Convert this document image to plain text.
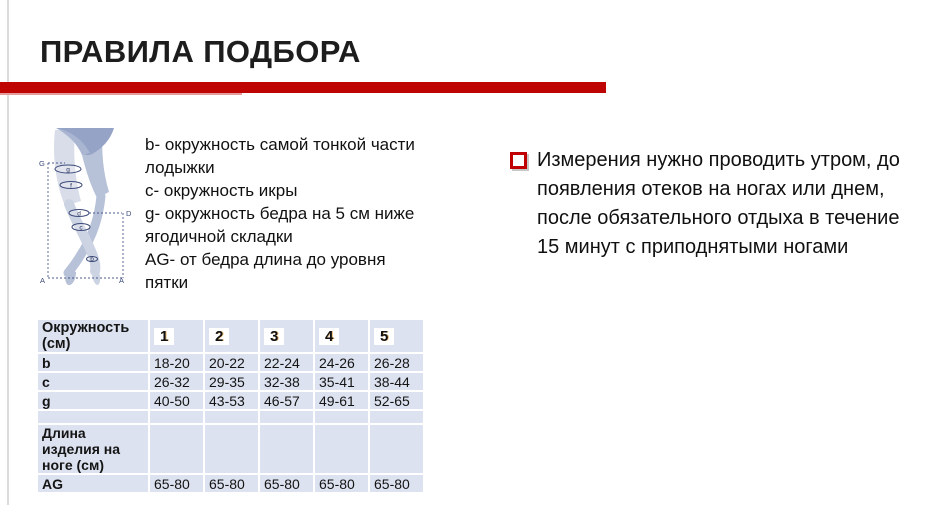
ПРАВИЛА ПОДБОРА
G
D
A	A
g
f
d
c
b
b- окружность самой тонкой части лодыжки
c- окружность икры
g- окружность бедра на 5 см ниже ягодичной складки
AG- от бедра длина до уровня пятки

Измерения нужно проводить утром, до появления отеков на ногах или днем, после обязательного отдыха в течение 15 минут с приподнятыми ногами

Окружность (см)	1	2	3	4	5
b	18-20	20-22	22-24	24-26	26-28
c	26-32	29-35	32-38	35-41	38-44
g	40-50	43-53	46-57	49-61	52-65

Длина изделия на ноге (см)					
AG	65-80	65-80	65-80	65-80	65-80
